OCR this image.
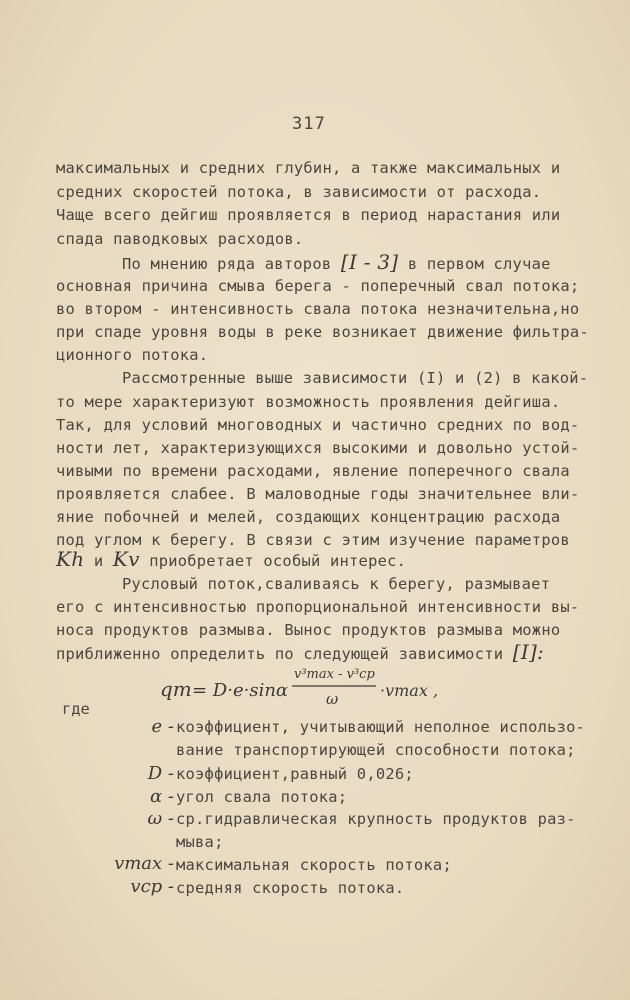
317
максимальных и средних глубин, а также максимальных и
средних скоростей потока, в зависимости от расхода.
Чаще всего дейгиш проявляется в период нарастания или
спада паводковых расходов.
По мнению ряда авторов [I - 3] в первом случае
основная причина смыва берега - поперечный свал потока;
во втором - интенсивность свала потока незначительна,но
при спаде уровня воды в реке возникает движение фильтра-
ционного потока.
Рассмотренные выше зависимости (I) и (2) в какой-
то мере характеризуют возможность проявления дейгиша.
Так, для условий многоводных и частично средних по вод-
ности лет, характеризующихся высокими и довольно устой-
чивыми по времени расходами, явление поперечного свала
проявляется слабее. В маловодные годы значительнее вли-
яние побочней и мелей, создающих концентрацию расхода
под углом к берегу. В связи с этим изучение параметров
Kh и Kv приобретает особый интерес.
Русловый поток,сваливаясь к берегу, размывает
его с интенсивностью пропорциональной интенсивности вы-
носа продуктов размыва. Вынос продуктов размыва можно
приближенно определить по следующей зависимости [I]:
qт = D·e·sinα
v³max - v³ср
ω	·vmax ,
где
e - коэффициент, учитывающий неполное использо-
вание транспортирующей способности потока;
D - коэффициент,равный 0,026;
α - угол свала потока;
ω - ср.гидравлическая крупность продуктов раз-
мыва;
vmax - максимальная скорость потока;
vср - средняя скорость потока.
